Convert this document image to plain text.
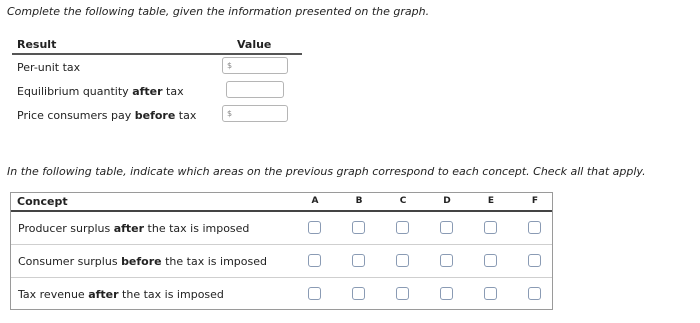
Complete the following table, given the information presented on the graph.
Result	Value
Per-unit tax	$
Equilibrium quantity after tax
Price consumers pay before tax	$
In the following table, indicate which areas on the previous graph correspond to each concept. Check all that apply.
Concept	A	B	C	D	E	F
Producer surplus after the tax is imposed
Consumer surplus before the tax is imposed
Tax revenue after the tax is imposed
